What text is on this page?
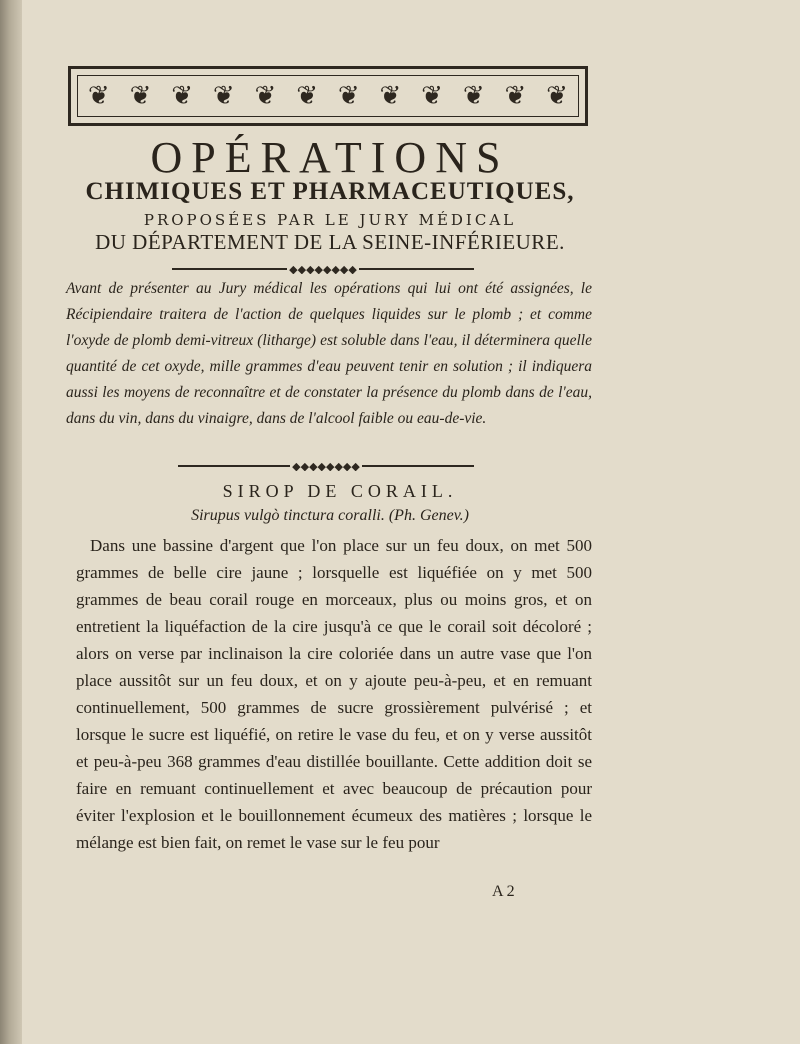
❦ ❦ ❦ ❦ ❦ ❦ ❦ ❦ ❦ ❦ ❦ ❦
OPÉRATIONS
CHIMIQUES ET PHARMACEUTIQUES,
PROPOSÉES PAR LE JURY MÉDICAL
DU DÉPARTEMENT DE LA SEINE-INFÉRIEURE.
◆◆◆◆◆◆◆◆

Avant de présenter au Jury médical les opérations qui lui ont été assignées, le Récipiendaire traitera de l'action de quelques liquides sur le plomb ; et comme l'oxyde de plomb demi-vitreux (litharge) est soluble dans l'eau, il déterminera quelle quantité de cet oxyde, mille grammes d'eau peuvent tenir en solution ; il indiquera aussi les moyens de reconnaître et de constater la présence du plomb dans de l'eau, dans du vin, dans du vinaigre, dans de l'alcool faible ou eau-de-vie.

◆◆◆◆◆◆◆◆
SIROP DE CORAIL.

Sirupus vulgò tinctura coralli. (Ph. Genev.)

Dans une bassine d'argent que l'on place sur un feu doux, on met 500 grammes de belle cire jaune ; lorsquelle est liquéfiée on y met 500 grammes de beau corail rouge en morceaux, plus ou moins gros, et on entretient la liquéfaction de la cire jusqu'à ce que le corail soit décoloré ; alors on verse par inclinaison la cire coloriée dans un autre vase que l'on place aussitôt sur un feu doux, et on y ajoute peu-à-peu, et en remuant continuellement, 500 grammes de sucre grossièrement pulvérisé ; et lorsque le sucre est liquéfié, on retire le vase du feu, et on y verse aussitôt et peu-à-peu 368 grammes d'eau distillée bouillante. Cette addition doit se faire en remuant continuellement et avec beaucoup de précaution pour éviter l'explosion et le bouillonnement écumeux des matières ; lorsque le mélange est bien fait, on remet le vase sur le feu pour

A 2
